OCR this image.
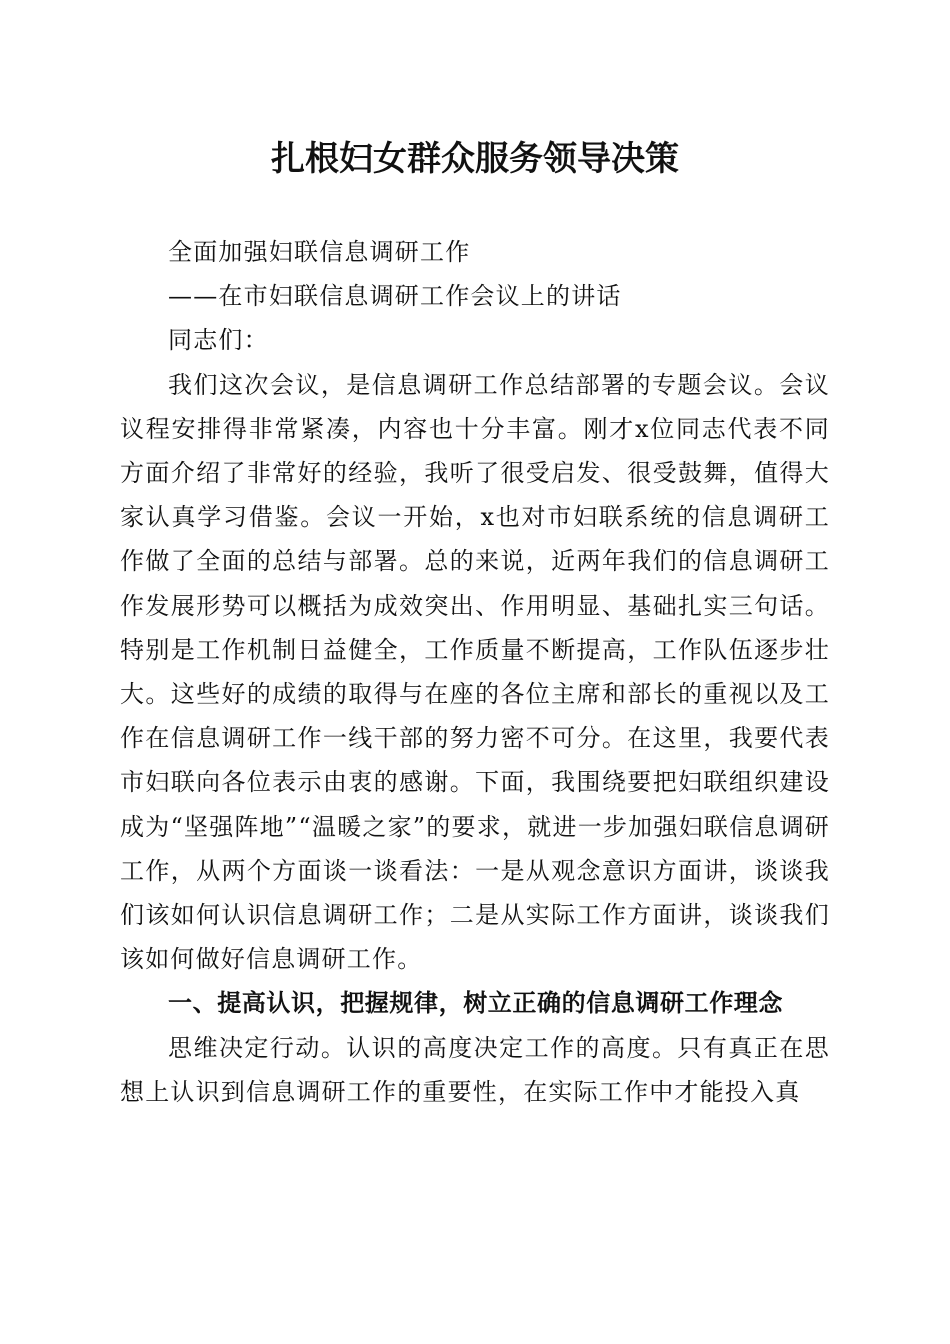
扎根妇女群众服务领导决策

全面加强妇联信息调研工作

——在市妇联信息调研工作会议上的讲话

同志们：

我们这次会议，是信息调研工作总结部署的专题会议。会议议程安排得非常紧凑，内容也十分丰富。刚才x位同志代表不同方面介绍了非常好的经验，我听了很受启发、很受鼓舞，值得大家认真学习借鉴。会议一开始，x也对市妇联系统的信息调研工作做了全面的总结与部署。总的来说，近两年我们的信息调研工作发展形势可以概括为成效突出、作用明显、基础扎实三句话。特别是工作机制日益健全，工作质量不断提高，工作队伍逐步壮大。这些好的成绩的取得与在座的各位主席和部长的重视以及工作在信息调研工作一线干部的努力密不可分。在这里，我要代表市妇联向各位表示由衷的感谢。下面，我围绕要把妇联组织建设成为“坚强阵地”“温暖之家”的要求，就进一步加强妇联信息调研工作，从两个方面谈一谈看法：一是从观念意识方面讲，谈谈我们该如何认识信息调研工作；二是从实际工作方面讲，谈谈我们该如何做好信息调研工作。

一、提高认识，把握规律，树立正确的信息调研工作理念

思维决定行动。认识的高度决定工作的高度。只有真正在思想上认识到信息调研工作的重要性，在实际工作中才能投入真
